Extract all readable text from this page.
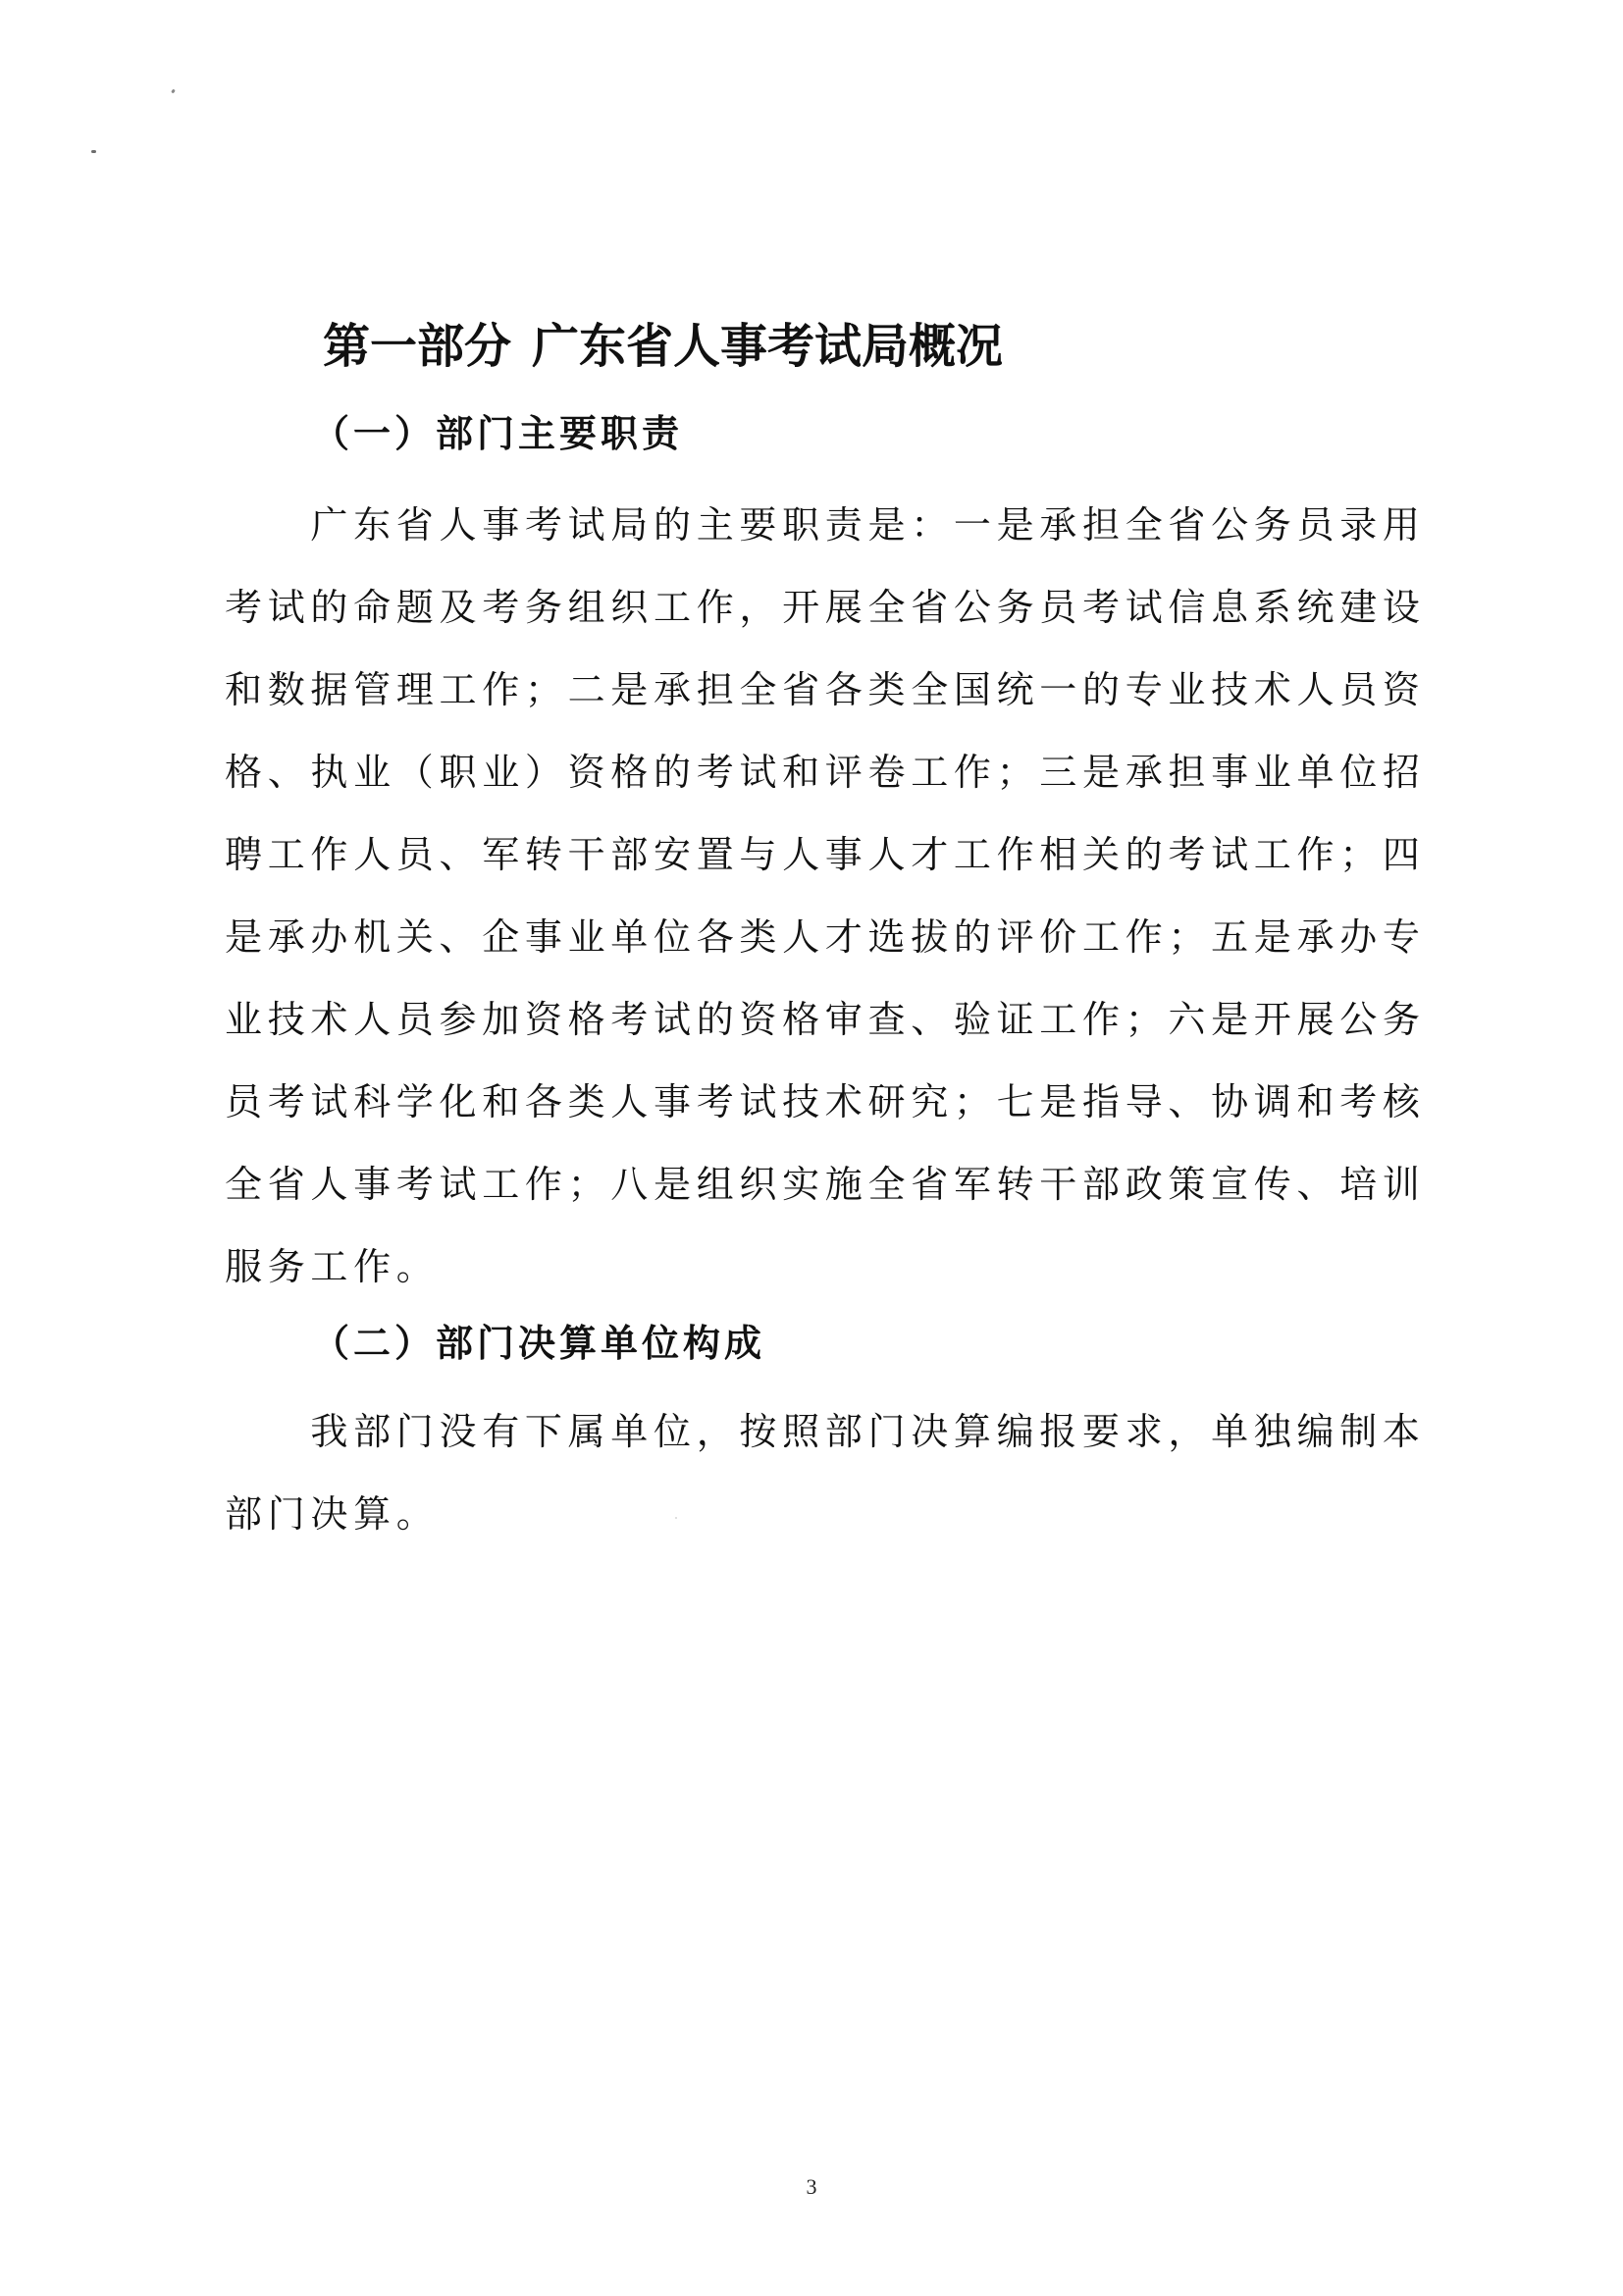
第一部分 广东省人事考试局概况
（一）部门主要职责

　　广东省人事考试局的主要职责是：一是承担全省公务员录用
考试的命题及考务组织工作，开展全省公务员考试信息系统建设
和数据管理工作；二是承担全省各类全国统一的专业技术人员资
格、执业（职业）资格的考试和评卷工作；三是承担事业单位招
聘工作人员、军转干部安置与人事人才工作相关的考试工作；四
是承办机关、企事业单位各类人才选拔的评价工作；五是承办专
业技术人员参加资格考试的资格审查、验证工作；六是开展公务
员考试科学化和各类人事考试技术研究；七是指导、协调和考核
全省人事考试工作；八是组织实施全省军转干部政策宣传、培训
服务工作。

（二）部门决算单位构成

　　我部门没有下属单位，按照部门决算编报要求，单独编制本
部门决算。

3
